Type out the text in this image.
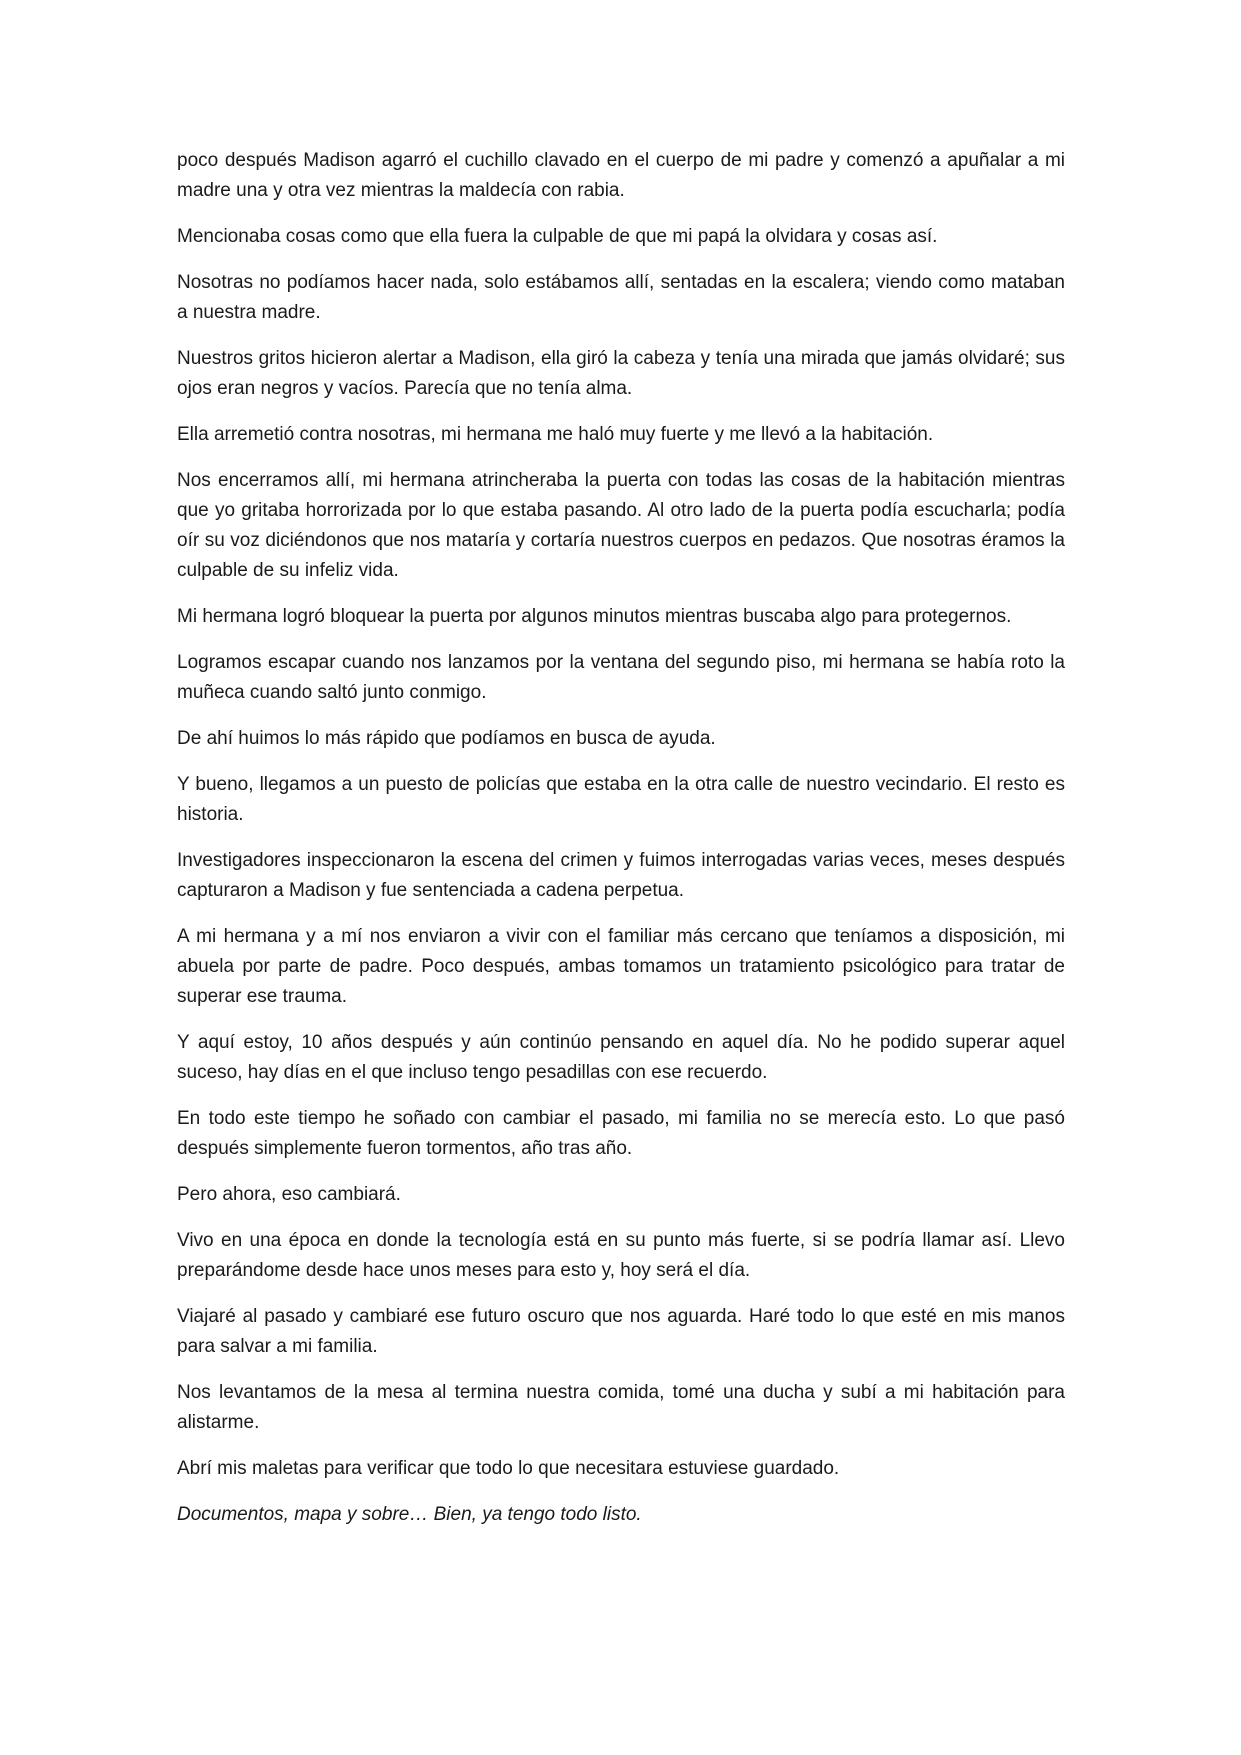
poco después Madison agarró el cuchillo clavado en el cuerpo de mi padre y comenzó a apuñalar a mi madre una y otra vez mientras la maldecía con rabia.

Mencionaba cosas como que ella fuera la culpable de que mi papá la olvidara y cosas así.

Nosotras no podíamos hacer nada, solo estábamos allí, sentadas en la escalera; viendo como mataban a nuestra madre.

Nuestros gritos hicieron alertar a Madison, ella giró la cabeza y tenía una mirada que jamás olvidaré; sus ojos eran negros y vacíos. Parecía que no tenía alma.

Ella arremetió contra nosotras, mi hermana me haló muy fuerte y me llevó a la habitación.

Nos encerramos allí, mi hermana atrincheraba la puerta con todas las cosas de la habitación mientras que yo gritaba horrorizada por lo que estaba pasando. Al otro lado de la puerta podía escucharla; podía oír su voz diciéndonos que nos mataría y cortaría nuestros cuerpos en pedazos. Que nosotras éramos la culpable de su infeliz vida.

Mi hermana logró bloquear la puerta por algunos minutos mientras buscaba algo para protegernos.

Logramos escapar cuando nos lanzamos por la ventana del segundo piso, mi hermana se había roto la muñeca cuando saltó junto conmigo.

De ahí huimos lo más rápido que podíamos en busca de ayuda.

Y bueno, llegamos a un puesto de policías que estaba en la otra calle de nuestro vecindario. El resto es historia.

Investigadores inspeccionaron la escena del crimen y fuimos interrogadas varias veces, meses después capturaron a Madison y fue sentenciada a cadena perpetua.

A mi hermana y a mí nos enviaron a vivir con el familiar más cercano que teníamos a disposición, mi abuela por parte de padre. Poco después, ambas tomamos un tratamiento psicológico para tratar de superar ese trauma.

Y aquí estoy, 10 años después y aún continúo pensando en aquel día. No he podido superar aquel suceso, hay días en el que incluso tengo pesadillas con ese recuerdo.

En todo este tiempo he soñado con cambiar el pasado, mi familia no se merecía esto. Lo que pasó después simplemente fueron tormentos, año tras año.

Pero ahora, eso cambiará.

Vivo en una época en donde la tecnología está en su punto más fuerte, si se podría llamar así. Llevo preparándome desde hace unos meses para esto y, hoy será el día.

Viajaré al pasado y cambiaré ese futuro oscuro que nos aguarda. Haré todo lo que esté en mis manos para salvar a mi familia.

Nos levantamos de la mesa al termina nuestra comida, tomé una ducha y subí a mi habitación para alistarme.

Abrí mis maletas para verificar que todo lo que necesitara estuviese guardado.

Documentos, mapa y sobre… Bien, ya tengo todo listo.
